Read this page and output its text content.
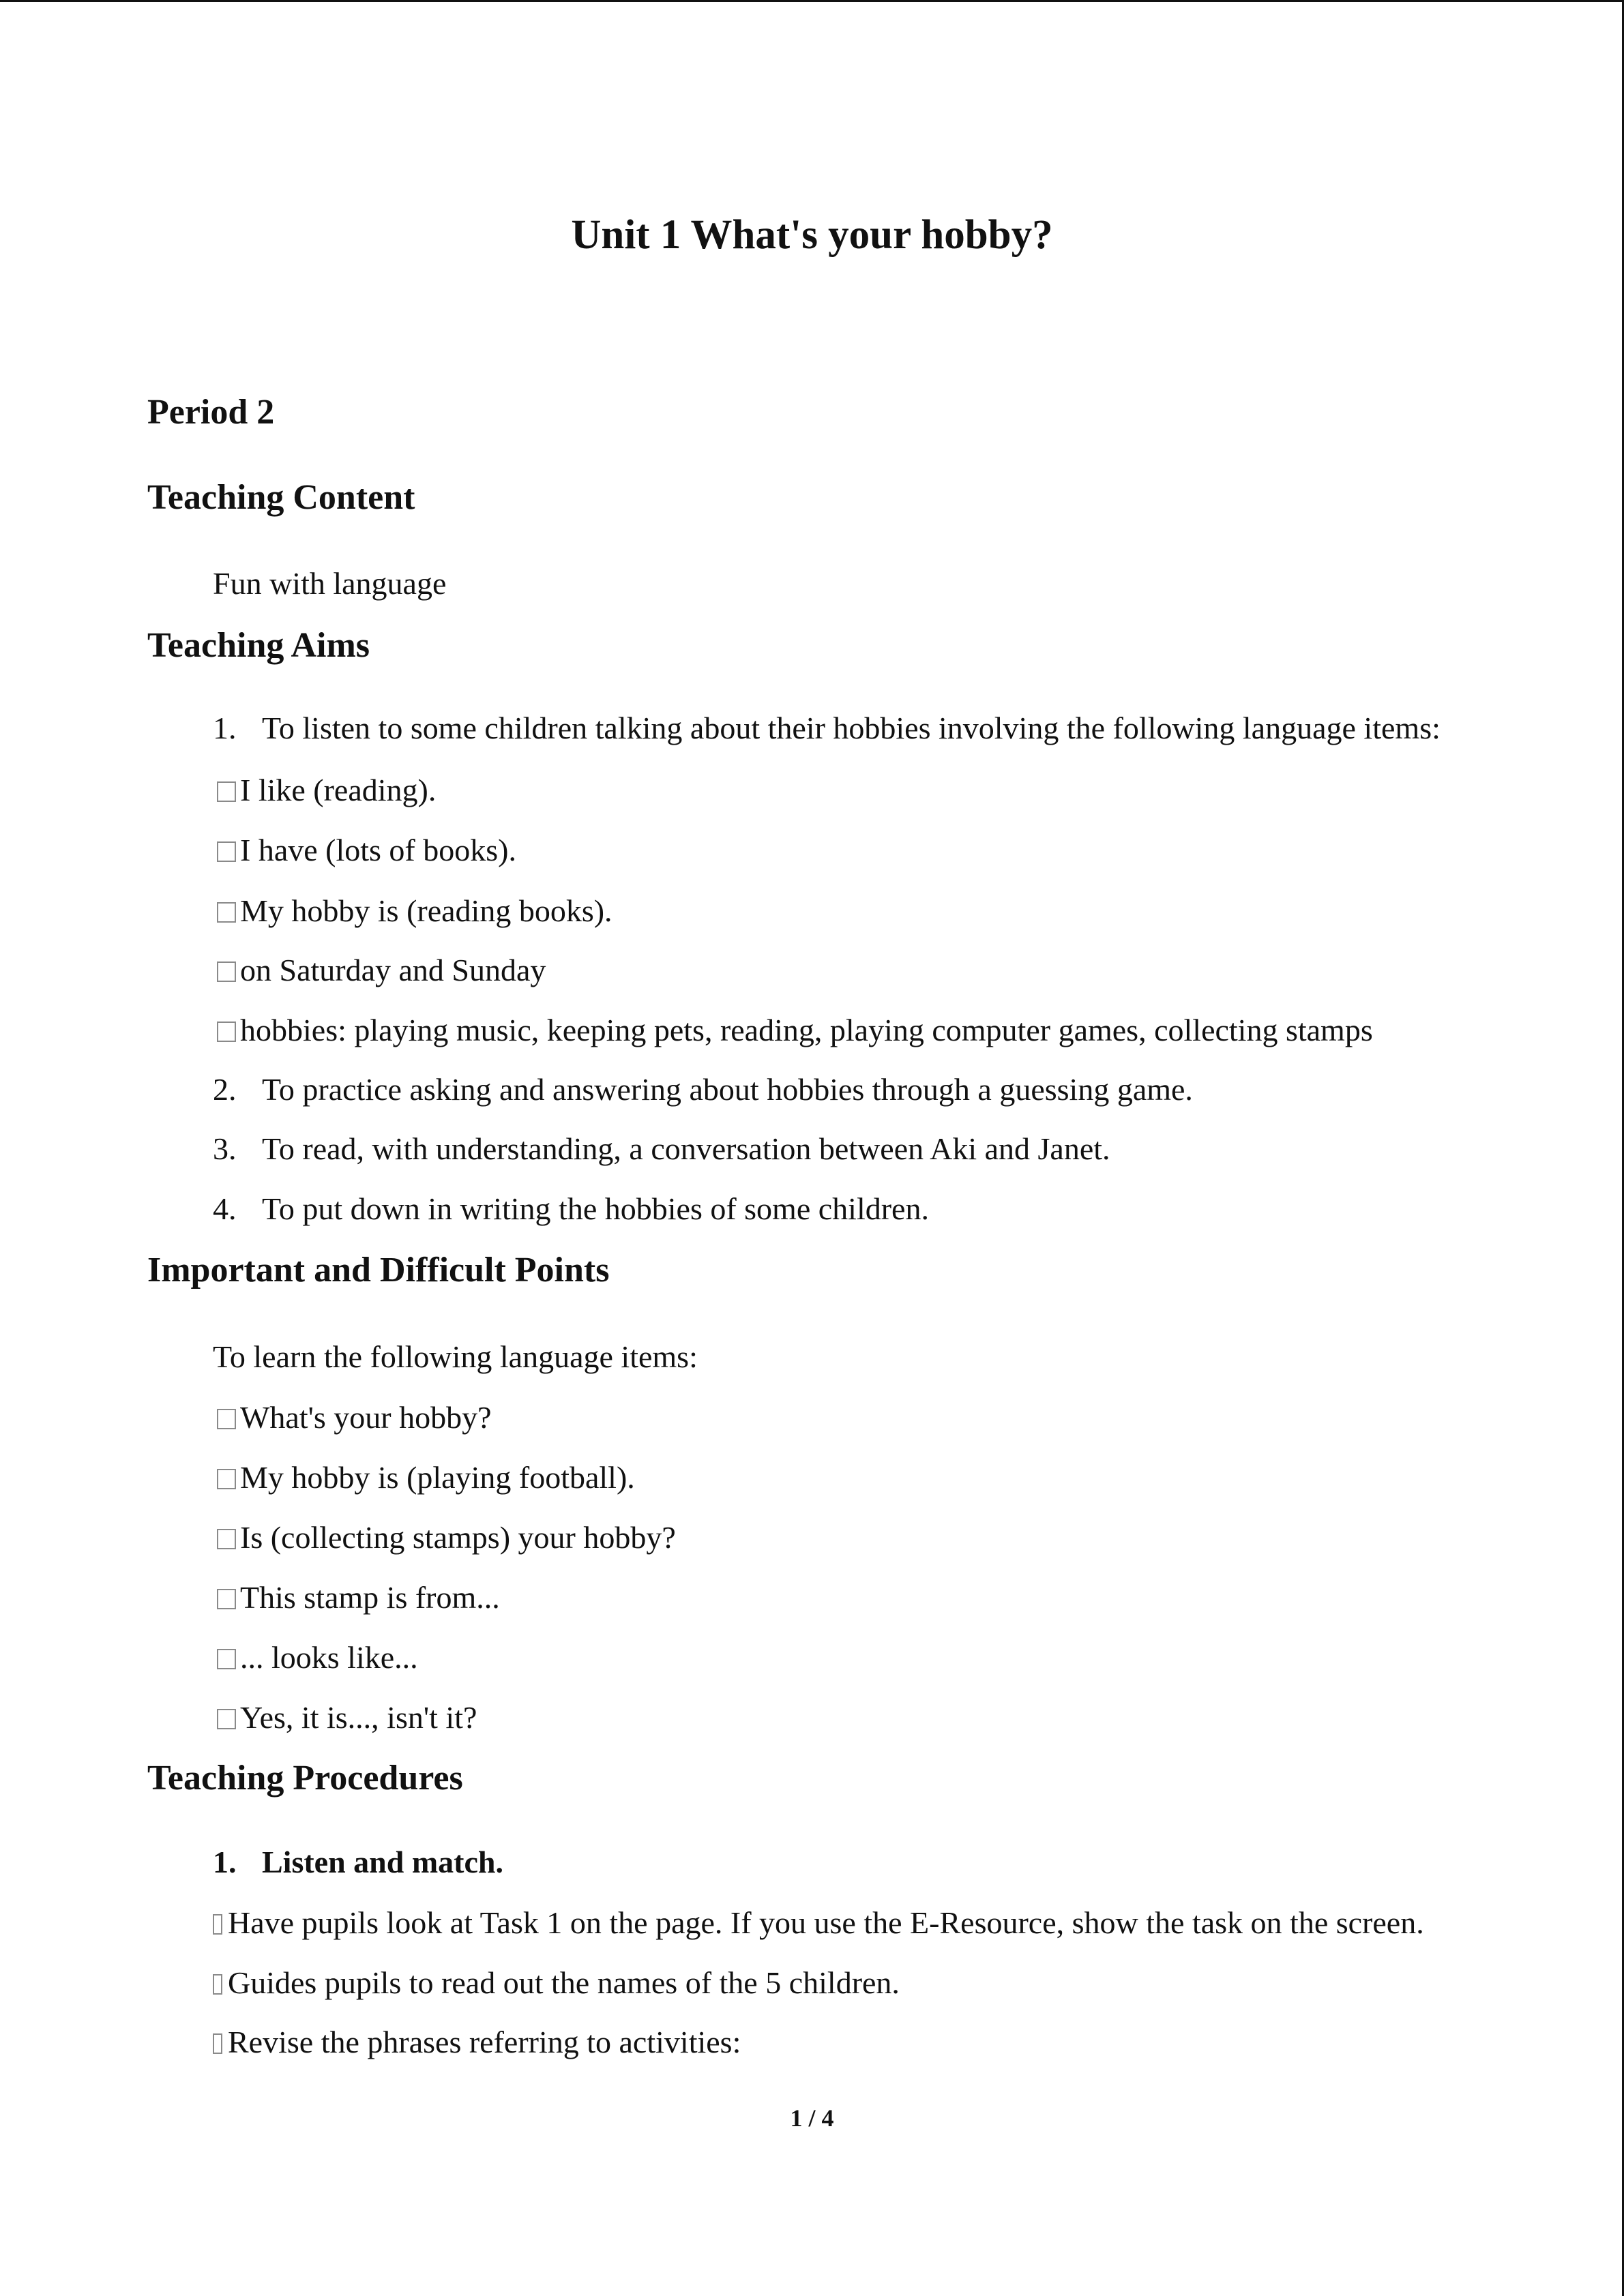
Unit 1 What's your hobby?
Period 2
Teaching Content
Fun with language
Teaching Aims
1. To listen to some children talking about their hobbies involving the following language items:
I like (reading).
I have (lots of books).
My hobby is (reading books).
on Saturday and Sunday
hobbies: playing music, keeping pets, reading, playing computer games, collecting stamps
2. To practice asking and answering about hobbies through a guessing game.
3. To read, with understanding, a conversation between Aki and Janet.
4. To put down in writing the hobbies of some children.
Important and Difficult Points
To learn the following language items:
What's your hobby?
My hobby is (playing football).
Is (collecting stamps) your hobby?
This stamp is from...
... looks like...
Yes, it is..., isn't it?
Teaching Procedures
1. Listen and match.
Have pupils look at Task 1 on the page. If you use the E-Resource, show the task on the screen.
Guides pupils to read out the names of the 5 children.
Revise the phrases referring to activities:
1 / 4
